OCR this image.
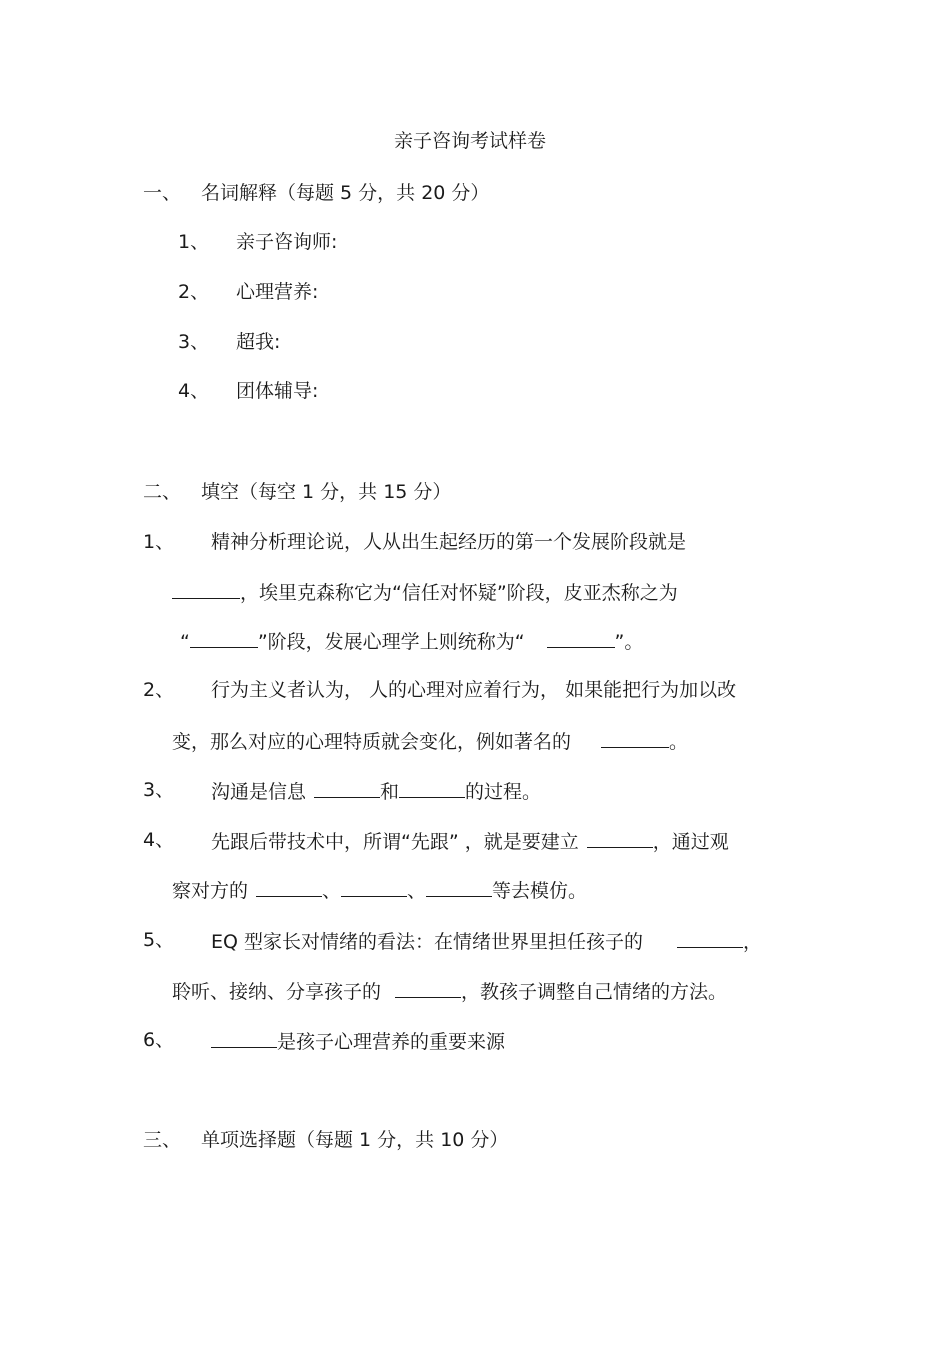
亲子咨询考试样卷
一、 名词解释（每题 5 分，共 20 分）
1、 亲子咨询师:
2、 心理营养:
3、 超我:
4、 团体辅导:
二、 填空（每空 1 分，共 15 分）
1、 精神分析理论说，人从出生起经历的第一个发展阶段就是
，埃里克森称它为“信任对怀疑”阶段，皮亚杰称之为
“	”阶段，发展心理学上则统称为“	”。
2、 行为主义者认为， 人的心理对应着行为， 如果能把行为加以改
变，那么对应的心理特质就会变化，例如著名的	。
3、 沟通是信息	和	的过程。
4、 先跟后带技术中，所谓“先跟” ，就是要建立	，通过观
察对方的	、	、	等去模仿。
5、 EQ 型家长对情绪的看法：在情绪世界里担任孩子的	，
聆听、接纳、分享孩子的	，教孩子调整自己情绪的方法。
6、	是孩子心理营养的重要来源
三、 单项选择题（每题 1 分，共 10 分）
